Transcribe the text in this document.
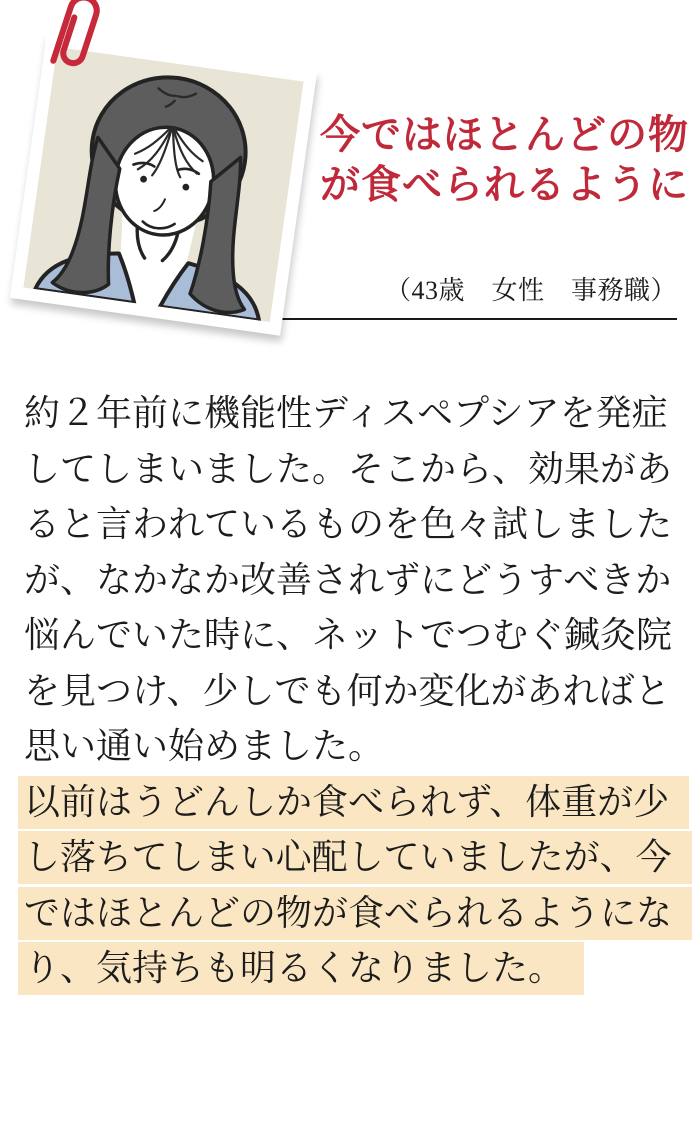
今ではほとんどの物
が食べられるように
（43歳　女性　事務職）
約２年前に機能性ディスペプシアを発症
してしまいました。そこから、効果があ
ると言われているものを色々試しました
が、なかなか改善されずにどうすべきか
悩んでいた時に、ネットでつむぐ鍼灸院
を見つけ、少しでも何か変化があればと
思い通い始めました。
以前はうどんしか食べられず、体重が少
し落ちてしまい心配していましたが、今
ではほとんどの物が食べられるようにな
り、気持ちも明るくなりました。
